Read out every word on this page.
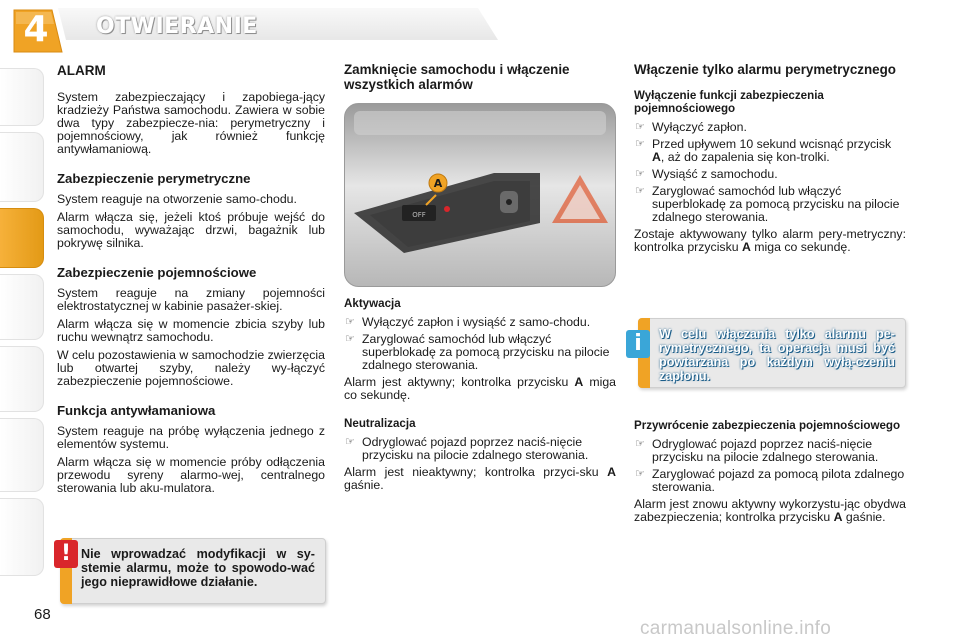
4 OTWIERANIE
ALARM

System zabezpieczający i zapobiega-jący kradzieży Państwa samochodu. Zawiera w sobie dwa typy zabezpiecze-nia: perymetryczny i pojemnościowy, jak również funkcję antywłamaniową.

Zabezpieczenie perymetryczne

System reaguje na otworzenie samo-chodu.

Alarm włącza się, jeżeli ktoś próbuje wejść do samochodu, wyważając drzwi, bagażnik lub pokrywę silnika.

Zabezpieczenie pojemnościowe

System reaguje na zmiany pojemności elektrostatycznej w kabinie pasażer-skiej.

Alarm włącza się w momencie zbicia szyby lub ruchu wewnątrz samochodu.

W celu pozostawienia w samochodzie zwierzęcia lub otwartej szyby, należy wy-łączyć zabezpieczenie pojemnościowe.

Funkcja antywłamaniowa

System reaguje na próbę wyłączenia jednego z elementów systemu.

Alarm włącza się w momencie próby odłączenia przewodu syreny alarmo-wej, centralnego sterowania lub aku-mulatora.

Nie wprowadzać modyfikacji w sy-stemie alarmu, może to spowodo-wać jego nieprawidłowe działanie.
!
Zamknięcie samochodu i włączenie wszystkich alarmów
OFF
A
Aktywacja
☞ Wyłączyć zapłon i wysiąść z samo-chodu.
☞ Zaryglować samochód lub włączyć superblokadę za pomocą przycisku na pilocie zdalnego sterowania.

Alarm jest aktywny; kontrolka przycisku A miga co sekundę.

Neutralizacja
☞ Odryglować pojazd poprzez naciś-nięcie przycisku na pilocie zdalnego sterowania.

Alarm jest nieaktywny; kontrolka przyci-sku A gaśnie.

Włączenie tylko alarmu perymetrycznego
Wyłączenie funkcji zabezpieczenia pojemnościowego
☞ Wyłączyć zapłon.
☞ Przed upływem 10 sekund wcisnąć przycisk A, aż do zapalenia się kon-trolki.
☞ Wysiąść z samochodu.
☞ Zaryglować samochód lub włączyć superblokadę za pomocą przycisku na pilocie zdalnego sterowania.

Zostaje aktywowany tylko alarm pery-metryczny: kontrolka przycisku A miga co sekundę.

W celu włączania tylko alarmu pe-rymetrycznego, ta operacja musi być powtarzana po każdym wyłą-czeniu zapłonu.
i
Przywrócenie zabezpieczenia pojemnościowego
☞ Odryglować pojazd poprzez naciś-nięcie przycisku na pilocie zdalnego sterowania.
☞ Zaryglować pojazd za pomocą pilota zdalnego sterowania.

Alarm jest znowu aktywny wykorzystu-jąc obydwa zabezpieczenia; kontrolka przycisku A gaśnie.

68
carmanualsonline.info
